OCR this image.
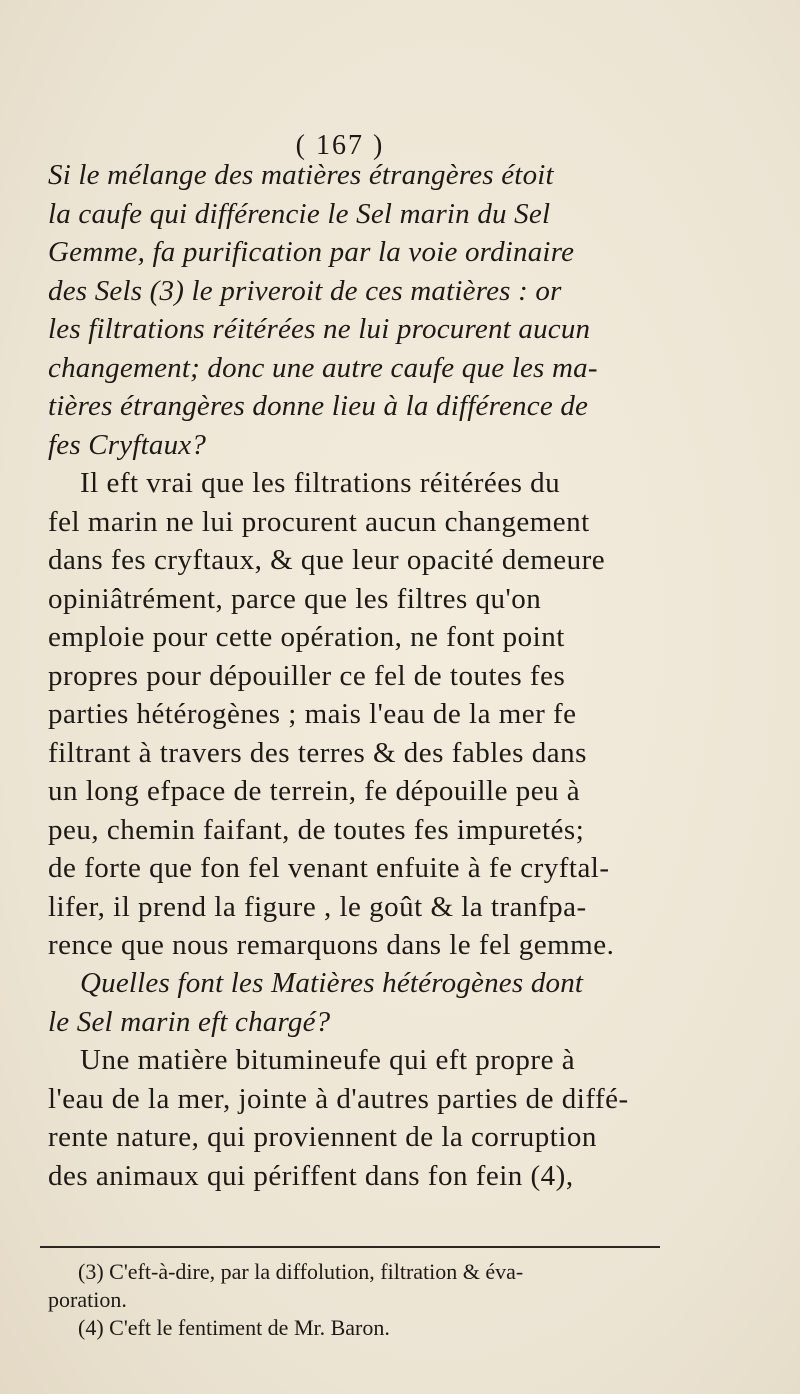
( 167 )
Si le mélange des matières étrangères étoit
la caufe qui différencie le Sel marin du Sel
Gemme, fa purification par la voie ordinaire
des Sels (3) le priveroit de ces matières : or
les filtrations réitérées ne lui procurent aucun
changement; donc une autre caufe que les ma-
tières étrangères donne lieu à la différence de
fes Cryftaux?
Il eft vrai que les filtrations réitérées du
fel marin ne lui procurent aucun changement
dans fes cryftaux, & que leur opacité demeure
opiniâtrément, parce que les filtres qu'on
emploie pour cette opération, ne font point
propres pour dépouiller ce fel de toutes fes
parties hétérogènes ; mais l'eau de la mer fe
filtrant à travers des terres & des fables dans
un long efpace de terrein, fe dépouille peu à
peu, chemin faifant, de toutes fes impuretés;
de forte que fon fel venant enfuite à fe cryftal-
lifer, il prend la figure , le goût & la tranfpa-
rence que nous remarquons dans le fel gemme.
Quelles font les Matières hétérogènes dont
le Sel marin eft chargé?
Une matière bitumineufe qui eft propre à
l'eau de la mer, jointe à d'autres parties de diffé-
rente nature, qui proviennent de la corruption
des animaux qui périffent dans fon fein (4),
(3) C'eft-à-dire, par la diffolution, filtration & éva-
poration.
(4) C'eft le fentiment de Mr. Baron.
